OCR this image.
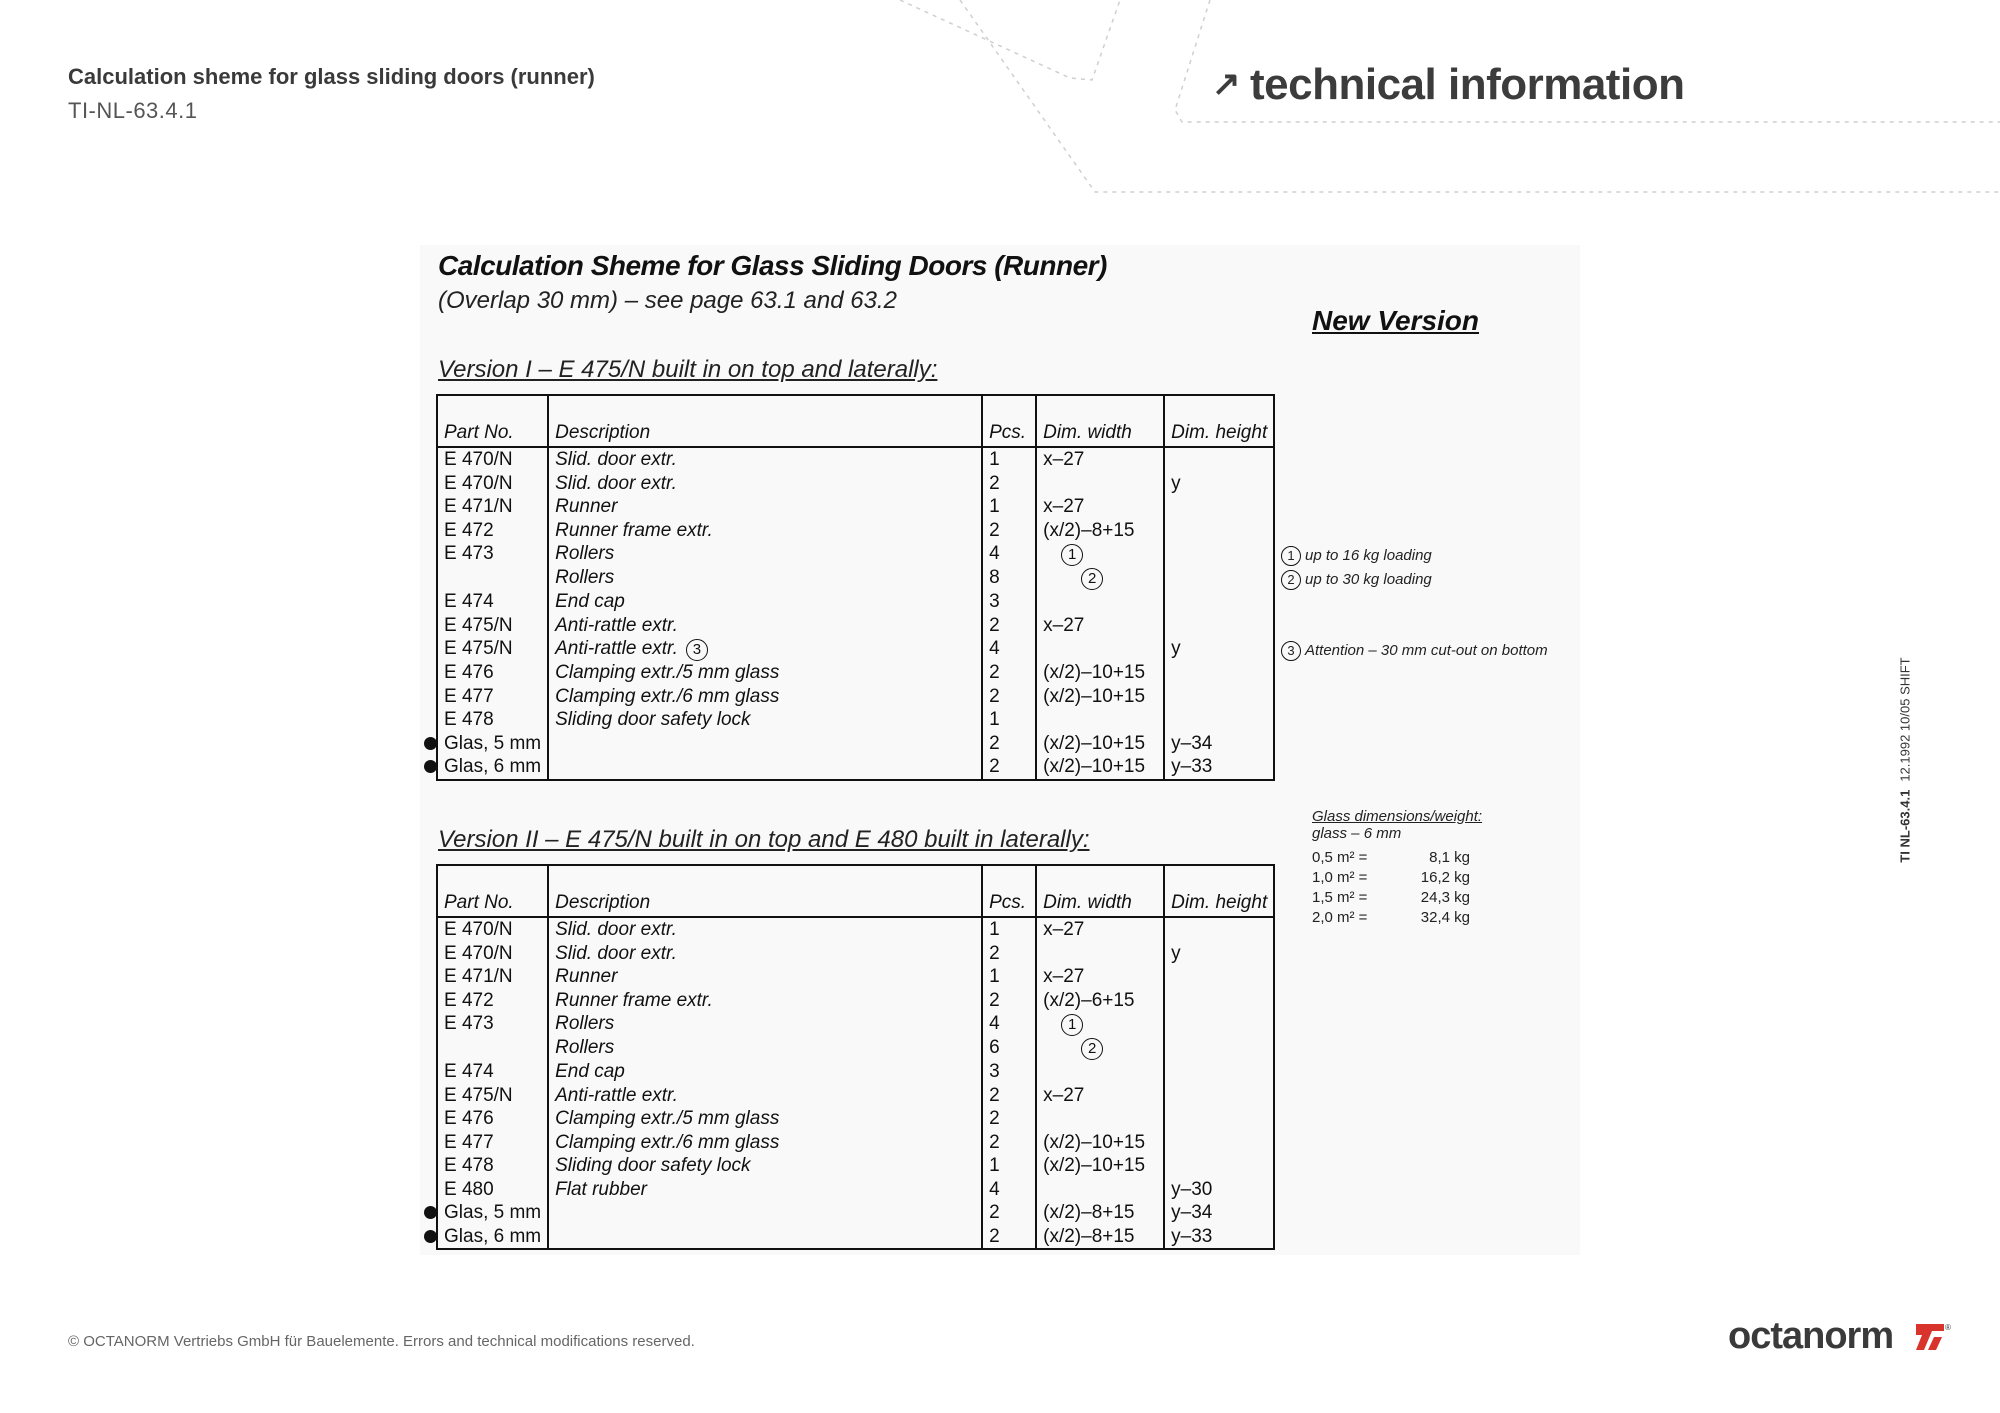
Calculation sheme for glass sliding doors (runner)
TI-NL-63.4.1
↗ technical information
Calculation Sheme for Glass Sliding Doors (Runner)
(Overlap 30 mm) – see page 63.1 and 63.2
New Version
Version I – E 475/N built in on top and laterally:
Part No.	Description	Pcs.	Dim. width	Dim. height

E 470/N	Slid. door extr.	1	x–27	

E 470/N	Slid. door extr.	2		y

E 471/N	Runner	1	x–27	

E 472	Runner frame extr.	2	(x/2)–8+15	

E 473	Rollers	4	1	

	Rollers	8	2	

E 474	End cap	3		

E 475/N	Anti-rattle extr.	2	x–27	

E 475/N	Anti-rattle extr. 3	4		y

E 476	Clamping extr./5 mm glass	2	(x/2)–10+15	

E 477	Clamping extr./6 mm glass	2	(x/2)–10+15	

E 478	Sliding door safety lock	1		

Glas, 5 mm		2	(x/2)–10+15	y–34

Glas, 6 mm		2	(x/2)–10+15	y–33
Version II – E 475/N built in on top and E 480 built in laterally:
Part No.	Description	Pcs.	Dim. width	Dim. height

E 470/N	Slid. door extr.	1	x–27	

E 470/N	Slid. door extr.	2		y

E 471/N	Runner	1	x–27	

E 472	Runner frame extr.	2	(x/2)–6+15	

E 473	Rollers	4	1	

	Rollers	6	2	

E 474	End cap	3		

E 475/N	Anti-rattle extr.	2	x–27	

E 476	Clamping extr./5 mm glass	2		

E 477	Clamping extr./6 mm glass	2	(x/2)–10+15	

E 478	Sliding door safety lock	1	(x/2)–10+15	

E 480	Flat rubber	4		y–30

Glas, 5 mm		2	(x/2)–8+15	y–34

Glas, 6 mm		2	(x/2)–8+15	y–33
1 up to 16 kg loading
2 up to 30 kg loading
3 Attention – 30 mm cut-out on bottom
Glass dimensions/weight:
glass – 6 mm
0,5 m² =	8,1 kg
1,0 m² =	16,2 kg
1,5 m² =	24,3 kg
2,0 m² =	32,4 kg
TI NL-63.4.112.1992 10/05 SHIFT
© OCTANORM Vertriebs GmbH für Bauelemente. Errors and technical modifications reserved.	octanorm	®
